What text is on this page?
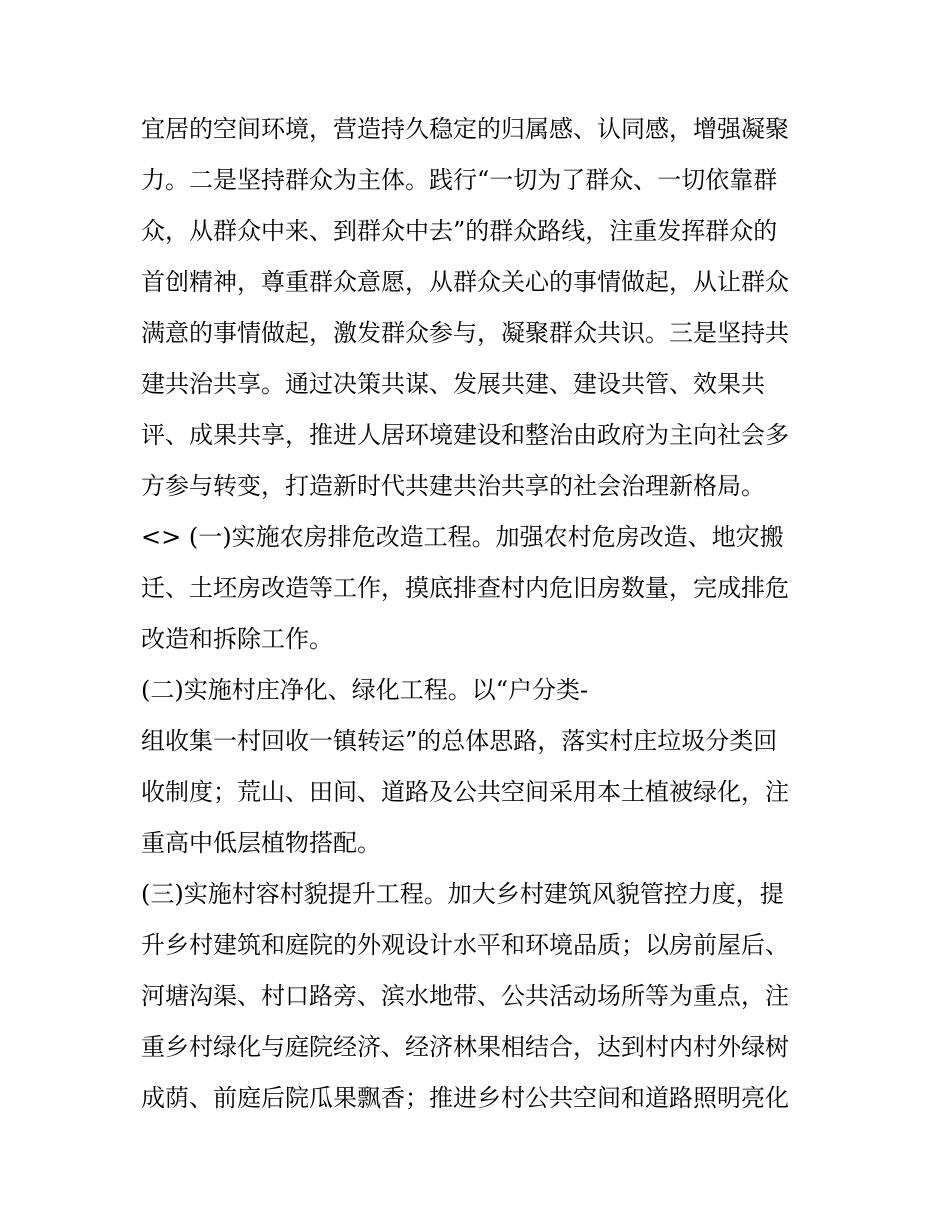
宜居的空间环境，营造持久稳定的归属感、认同感，增强凝聚
力。二是坚持群众为主体。践行“一切为了群众、一切依靠群
众，从群众中来、到群众中去”的群众路线，注重发挥群众的
首创精神，尊重群众意愿，从群众关心的事情做起，从让群众
满意的事情做起，激发群众参与，凝聚群众共识。三是坚持共
建共治共享。通过决策共谋、发展共建、建设共管、效果共
评、成果共享，推进人居环境建设和整治由政府为主向社会多
方参与转变，打造新时代共建共治共享的社会治理新格局。
<> (一)实施农房排危改造工程。加强农村危房改造、地灾搬
迁、土坯房改造等工作，摸底排查村内危旧房数量，完成排危
改造和拆除工作。
(二)实施村庄净化、绿化工程。以“户分类-
组收集一村回收一镇转运”的总体思路，落实村庄垃圾分类回
收制度；荒山、田间、道路及公共空间采用本土植被绿化，注
重高中低层植物搭配。
(三)实施村容村貌提升工程。加大乡村建筑风貌管控力度，提
升乡村建筑和庭院的外观设计水平和环境品质；以房前屋后、
河塘沟渠、村口路旁、滨水地带、公共活动场所等为重点，注
重乡村绿化与庭院经济、经济林果相结合，达到村内村外绿树
成荫、前庭后院瓜果飘香；推进乡村公共空间和道路照明亮化
